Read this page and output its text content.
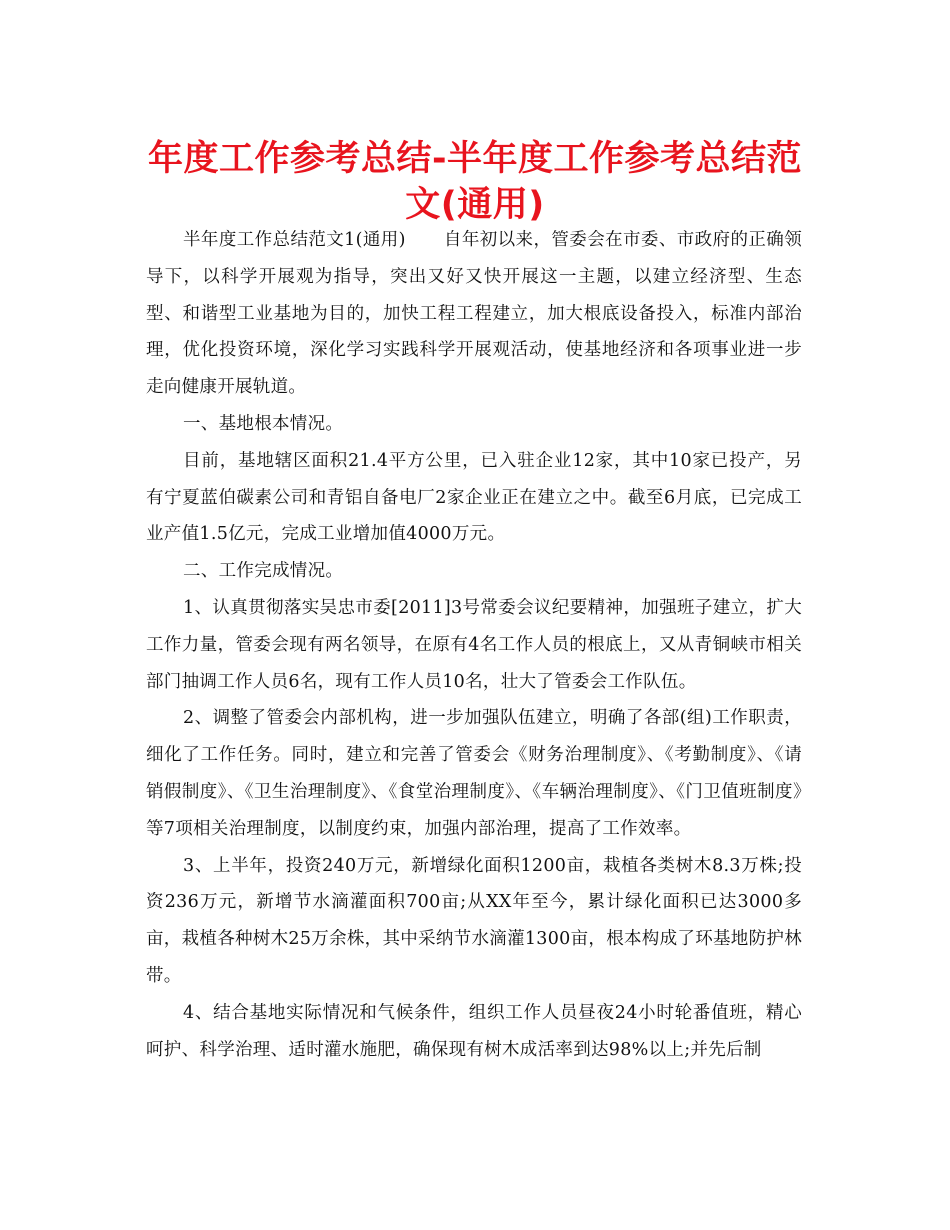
年度工作参考总结-半年度工作参考总结范文(通用)

半年度工作总结范文1(通用) 自年初以来，管委会在市委、市政府的正确领导下，以科学开展观为指导，突出又好又快开展这一主题，以建立经济型、生态型、和谐型工业基地为目的，加快工程工程建立，加大根底设备投入，标准内部治理，优化投资环境，深化学习实践科学开展观活动，使基地经济和各项事业进一步走向健康开展轨道。

一、基地根本情况。

目前，基地辖区面积21.4平方公里，已入驻企业12家，其中10家已投产，另有宁夏蓝伯碳素公司和青铝自备电厂2家企业正在建立之中。截至6月底，已完成工业产值1.5亿元，完成工业增加值4000万元。

二、工作完成情况。

1、认真贯彻落实吴忠市委[2011]3号常委会议纪要精神，加强班子建立，扩大工作力量，管委会现有两名领导，在原有4名工作人员的根底上，又从青铜峡市相关部门抽调工作人员6名，现有工作人员10名，壮大了管委会工作队伍。

2、调整了管委会内部机构，进一步加强队伍建立，明确了各部(组)工作职责，细化了工作任务。同时，建立和完善了管委会《财务治理制度》、《考勤制度》、《请销假制度》、《卫生治理制度》、《食堂治理制度》、《车辆治理制度》、《门卫值班制度》等7项相关治理制度，以制度约束，加强内部治理，提高了工作效率。

3、上半年，投资240万元，新增绿化面积1200亩，栽植各类树木8.3万株;投资236万元，新增节水滴灌面积700亩;从XX年至今，累计绿化面积已达3000多亩，栽植各种树木25万余株，其中采纳节水滴灌1300亩，根本构成了环基地防护林带。

4、结合基地实际情况和气候条件，组织工作人员昼夜24小时轮番值班，精心呵护、科学治理、适时灌水施肥，确保现有树木成活率到达98%以上;并先后制
